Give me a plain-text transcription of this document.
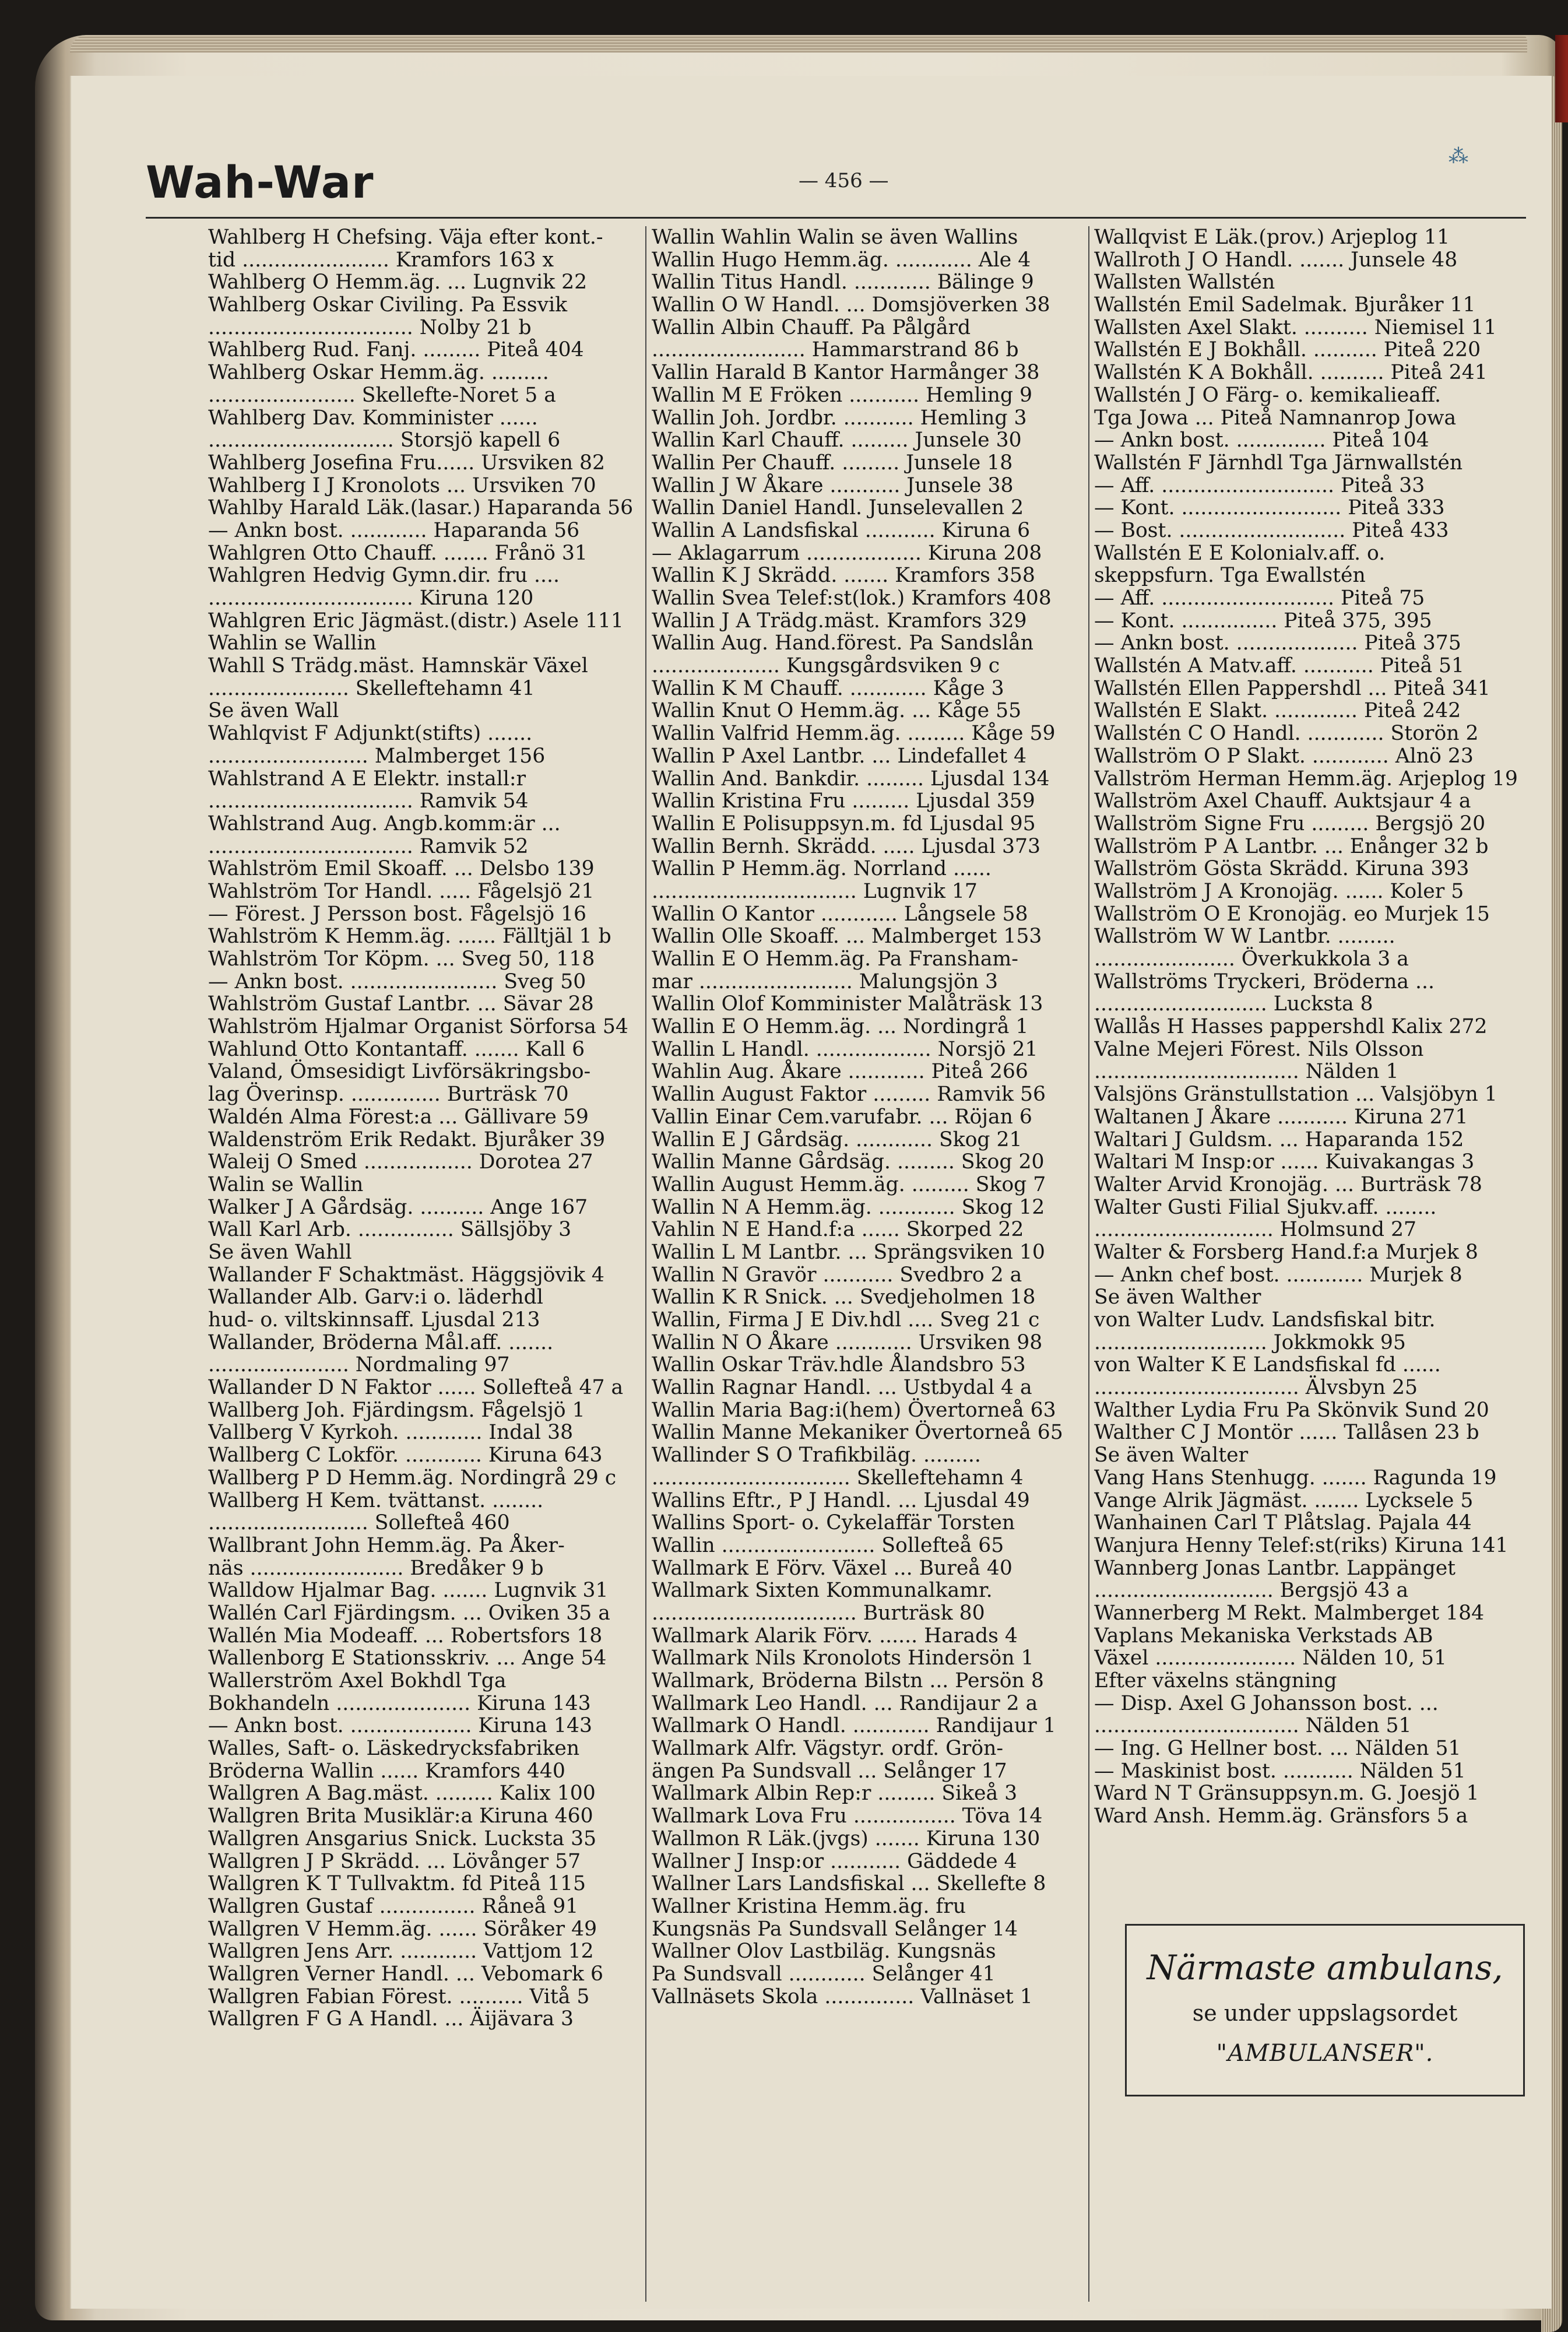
Wah-War	— 456 —
⁂
Wahlberg H Chefsing. Väja efter kont.-
tid ....................... Kramfors 163 x
Wahlberg O Hemm.äg. ... Lugnvik 22
Wahlberg Oskar Civiling. Pa Essvik
................................ Nolby 21 b
Wahlberg Rud. Fanj. ......... Piteå 404
Wahlberg Oskar Hemm.äg. .........
....................... Skellefte-Noret 5 a
Wahlberg Dav. Komminister ......
............................. Storsjö kapell 6
Wahlberg Josefina Fru...... Ursviken 82
Wahlberg I J Kronolots ... Ursviken 70
Wahlby Harald Läk.(lasar.) Haparanda 56
— Ankn bost. ............ Haparanda 56
Wahlgren Otto Chauff. ....... Frånö 31
Wahlgren Hedvig Gymn.dir. fru ....
................................ Kiruna 120
Wahlgren Eric Jägmäst.(distr.) Asele 111
Wahlin se Wallin
Wahll S Trädg.mäst. Hamnskär Växel
...................... Skelleftehamn 41
Se även Wall
Wahlqvist F Adjunkt(stifts) .......
......................... Malmberget 156
Wahlstrand A E Elektr. install:r
................................ Ramvik 54
Wahlstrand Aug. Angb.komm:är ...
................................ Ramvik 52
Wahlström Emil Skoaff. ... Delsbo 139
Wahlström Tor Handl. ..... Fågelsjö 21
— Förest. J Persson bost. Fågelsjö 16
Wahlström K Hemm.äg. ...... Fälltjäl 1 b
Wahlström Tor Köpm. ... Sveg 50, 118
— Ankn bost. ....................... Sveg 50
Wahlström Gustaf Lantbr. ... Sävar 28
Wahlström Hjalmar Organist Sörforsa 54
Wahlund Otto Kontantaff. ....... Kall 6
Valand, Ömsesidigt Livförsäkringsbo-
lag Överinsp. .............. Burträsk 70
Waldén Alma Förest:a ... Gällivare 59
Waldenström Erik Redakt. Bjuråker 39
Waleij O Smed ................. Dorotea 27
Walin se Wallin
Walker J A Gårdsäg. .......... Ange 167
Wall Karl Arb. ............... Sällsjöby 3
Se även Wahll
Wallander F Schaktmäst. Häggsjövik 4
Wallander Alb. Garv:i o. läderhdl
hud- o. viltskinnsaff. Ljusdal 213
Wallander, Bröderna Mål.aff. .......
...................... Nordmaling 97
Wallander D N Faktor ...... Sollefteå 47 a
Wallberg Joh. Fjärdingsm. Fågelsjö 1
Vallberg V Kyrkoh. ............ Indal 38
Wallberg C Lokför. ............ Kiruna 643
Wallberg P D Hemm.äg. Nordingrå 29 c
Wallberg H Kem. tvättanst. ........
......................... Sollefteå 460
Wallbrant John Hemm.äg. Pa Åker-
näs ........................ Bredåker 9 b
Walldow Hjalmar Bag. ....... Lugnvik 31
Wallén Carl Fjärdingsm. ... Oviken 35 a
Wallén Mia Modeaff. ... Robertsfors 18
Wallenborg E Stationsskriv. ... Ange 54
Wallerström Axel Bokhdl Tga
Bokhandeln ..................... Kiruna 143
— Ankn bost. ................... Kiruna 143
Walles, Saft- o. Läskedrycksfabriken
Bröderna Wallin ...... Kramfors 440
Wallgren A Bag.mäst. ......... Kalix 100
Wallgren Brita Musiklär:a Kiruna 460
Wallgren Ansgarius Snick. Luckstа 35
Wallgren J P Skrädd. ... Lövånger 57
Wallgren K T Tullvaktm. fd Piteå 115
Wallgren Gustaf ............... Råneå 91
Wallgren V Hemm.äg. ...... Söråker 49
Wallgren Jens Arr. ............ Vattjom 12
Wallgren Verner Handl. ... Vebomark 6
Wallgren Fabian Förest. .......... Vitå 5
Wallgren F G A Handl. ... Äijävara 3
Wallin Wahlin Walin se även Wallins
Wallin Hugo Hemm.äg. ............ Ale 4
Wallin Titus Handl. ............ Bälinge 9
Wallin O W Handl. ... Domsjöverken 38
Wallin Albin Chauff. Pa Pålgård
........................ Hammarstrand 86 b
Vallin Harald B Kantor Harmånger 38
Wallin M E Fröken ........... Hemling 9
Wallin Joh. Jordbr. ........... Hemling 3
Wallin Karl Chauff. ......... Junsele 30
Wallin Per Chauff. ......... Junsele 18
Wallin J W Åkare ........... Junsele 38
Wallin Daniel Handl. Junselevallen 2
Wallin A Landsfiskal ........... Kiruna 6
— Aklagarrum .................. Kiruna 208
Wallin K J Skrädd. ....... Kramfors 358
Wallin Svea Telef:st(lok.) Kramfors 408
Wallin J A Trädg.mäst. Kramfors 329
Wallin Aug. Hand.förest. Pa Sandslån
.................... Kungsgårdsviken 9 c
Wallin K M Chauff. ............ Kåge 3
Wallin Knut O Hemm.äg. ... Kåge 55
Wallin Valfrid Hemm.äg. ......... Kåge 59
Wallin P Axel Lantbr. ... Lindefallet 4
Wallin And. Bankdir. ......... Ljusdal 134
Wallin Kristina Fru ......... Ljusdal 359
Wallin E Polisuppsyn.m. fd Ljusdal 95
Wallin Bernh. Skrädd. ..... Ljusdal 373
Wallin P Hemm.äg. Norrland ......
................................ Lugnvik 17
Wallin O Kantor ............ Långsele 58
Wallin Olle Skoaff. ... Malmberget 153
Wallin E O Hemm.äg. Pa Fransham-
mar ........................ Malungsjön 3
Wallin Olof Komminister Malåträsk 13
Wallin E O Hemm.äg. ... Nordingrå 1
Wallin L Handl. .................. Norsjö 21
Wahlin Aug. Åkare ............ Piteå 266
Wallin August Faktor ......... Ramvik 56
Vallin Einar Cem.varufabr. ... Röjan 6
Wallin E J Gårdsäg. ............ Skog 21
Wallin Manne Gårdsäg. ......... Skog 20
Wallin August Hemm.äg. ......... Skog 7
Wallin N A Hemm.äg. ............ Skog 12
Vahlin N E Hand.f:a ...... Skorped 22
Wallin L M Lantbr. ... Sprängsviken 10
Wallin N Gravör ........... Svedbro 2 a
Wallin K R Snick. ... Svedjeholmen 18
Wallin, Firma J E Div.hdl .... Sveg 21 c
Wallin N O Åkare ............ Ursviken 98
Wallin Oskar Träv.hdle Ålandsbro 53
Wallin Ragnar Handl. ... Ustbydal 4 a
Wallin Maria Bag:i(hem) Övertorneå 63
Wallin Manne Mekaniker Övertorneå 65
Wallinder S O Trafikbiläg. .........
............................... Skelleftehamn 4
Wallins Eftr., P J Handl. ... Ljusdal 49
Wallins Sport- o. Cykelaffär Torsten
Wallin ........................ Sollefteå 65
Wallmark E Förv. Växel ... Bureå 40
Wallmark Sixten Kommunalkamr.
................................ Burträsk 80
Wallmark Alarik Förv. ...... Harads 4
Wallmark Nils Kronolots Hindersön 1
Wallmark, Bröderna Bilstn ... Persön 8
Wallmark Leo Handl. ... Randijaur 2 a
Wallmark O Handl. ............ Randijaur 1
Wallmark Alfr. Vägstyr. ordf. Grön-
ängen Pa Sundsvall ... Selånger 17
Wallmark Albin Rep:r ......... Sikeå 3
Wallmark Lova Fru ................ Töva 14
Wallmon R Läk.(jvgs) ....... Kiruna 130
Wallner J Insp:or ........... Gäddede 4
Wallner Lars Landsfiskal ... Skellefte 8
Wallner Kristina Hemm.äg. fru
Kungsnäs Pa Sundsvall Selånger 14
Wallner Olov Lastbiläg. Kungsnäs
Pa Sundsvall ............ Selånger 41
Vallnäsets Skola .............. Vallnäset 1
Wallqvist E Läk.(prov.) Arjeplog 11
Wallroth J O Handl. ....... Junsele 48
Wallsten Wallstén
Wallstén Emil Sadelmak. Bjuråker 11
Wallsten Axel Slakt. .......... Niemisel 11
Wallstén E J Bokhåll. .......... Piteå 220
Wallstén K A Bokhåll. .......... Piteå 241
Wallstén J O Färg- o. kemikalieaff.
Tga Jowa ... Piteå Namnanrop Jowa
— Ankn bost. .............. Piteå 104
Wallstén F Järnhdl Tga Järnwallstén
— Aff. ........................... Piteå 33
— Kont. ......................... Piteå 333
— Bost. .......................... Piteå 433
Wallstén E E Kolonialv.aff. o.
skeppsfurn. Tga Ewallstén
— Aff. ........................... Piteå 75
— Kont. ............... Piteå 375, 395
— Ankn bost. ................... Piteå 375
Wallstén A Matv.aff. ........... Piteå 51
Wallstén Ellen Pappershdl ... Piteå 341
Wallstén E Slakt. ............. Piteå 242
Wallstén C O Handl. ............ Storön 2
Wallström O P Slakt. ............ Alnö 23
Vallström Herman Hemm.äg. Arjeplog 19
Wallström Axel Chauff. Auktsjaur 4 a
Wallström Signe Fru ......... Bergsjö 20
Wallström P A Lantbr. ... Enånger 32 b
Wallström Gösta Skrädd. Kiruna 393
Wallström J A Kronojäg. ...... Koler 5
Wallström O E Kronojäg. eo Murjek 15
Wallström W W Lantbr. .........
...................... Överkukkola 3 a
Wallströms Tryckeri, Bröderna ...
........................... Luckstа 8
Wallås H Hasses pappershdl Kalix 272
Valne Mejeri Förest. Nils Olsson
................................ Nälden 1
Valsjöns Gränstullstation ... Valsjöbyn 1
Waltanen J Åkare ........... Kiruna 271
Waltari J Guldsm. ... Haparanda 152
Waltari M Insp:or ...... Kuivakangas 3
Walter Arvid Kronojäg. ... Burträsk 78
Walter Gusti Filial Sjukv.aff. ........
............................ Holmsund 27
Walter & Forsberg Hand.f:a Murjek 8
— Ankn chef bost. ............ Murjek 8
Se även Walther
von Walter Ludv. Landsfiskal bitr.
........................... Jokkmokk 95
von Walter K E Landsfiskal fd ......
................................ Älvsbyn 25
Walther Lydia Fru Pa Skönvik Sund 20
Walther C J Montör ...... Tallåsen 23 b
Se även Walter
Vang Hans Stenhugg. ....... Ragunda 19
Vange Alrik Jägmäst. ....... Lycksele 5
Wanhainen Carl T Plåtslag. Pajala 44
Wanjura Henny Telef:st(riks) Kiruna 141
Wannberg Jonas Lantbr. Lappänget
............................ Bergsjö 43 a
Wannerberg M Rekt. Malmberget 184
Vaplans Mekaniska Verkstads AB
Växel ...................... Nälden 10, 51
Efter växelns stängning
— Disp. Axel G Johansson bost. ...
................................ Nälden 51
— Ing. G Hellner bost. ... Nälden 51
— Maskinist bost. ........... Nälden 51
Ward N T Gränsuppsyn.m. G. Joesjö 1
Ward Ansh. Hemm.äg. Gränsfors 5 a
Närmaste ambulans,
se under uppslagsordet
"AMBULANSER".
